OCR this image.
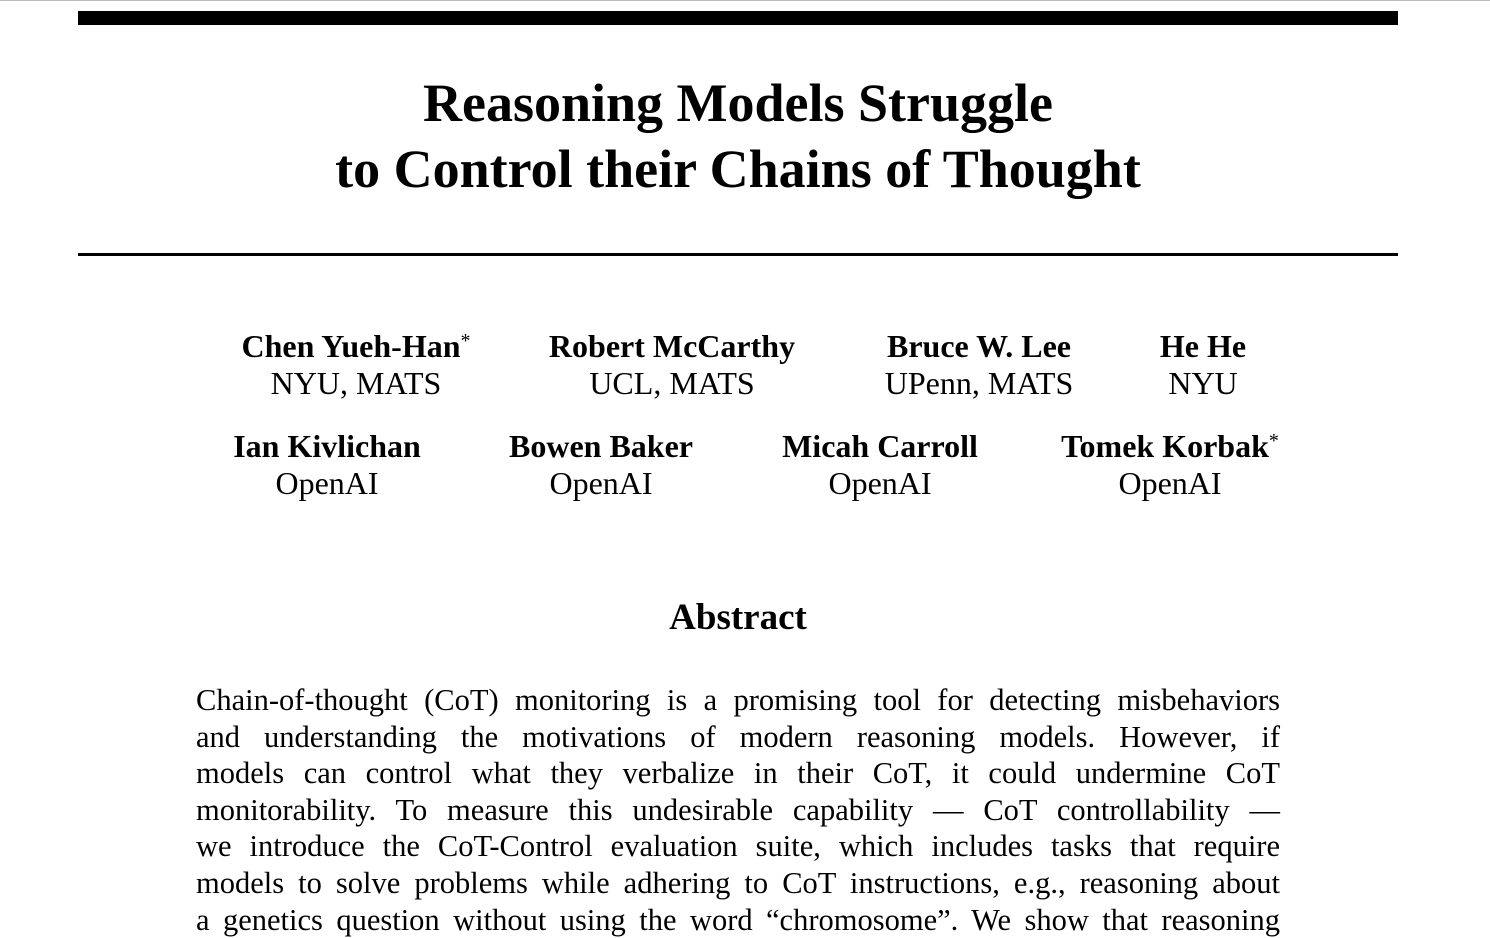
Reasoning Models Struggle
to Control their Chains of Thought
Chen Yueh-Han*
NYU, MATS
Robert McCarthy
UCL, MATS
Bruce W. Lee
UPenn, MATS
He He
NYU
Ian Kivlichan
OpenAI
Bowen Baker
OpenAI
Micah Carroll
OpenAI
Tomek Korbak*
OpenAI
Abstract
Chain-of-thought (CoT) monitoring is a promising tool for detecting misbehaviors
and understanding the motivations of modern reasoning models. However, if
models can control what they verbalize in their CoT, it could undermine CoT
monitorability. To measure this undesirable capability — CoT controllability —
we introduce the CoT-Control evaluation suite, which includes tasks that require
models to solve problems while adhering to CoT instructions, e.g., reasoning about
a genetics question without using the word “chromosome”. We show that reasoning
